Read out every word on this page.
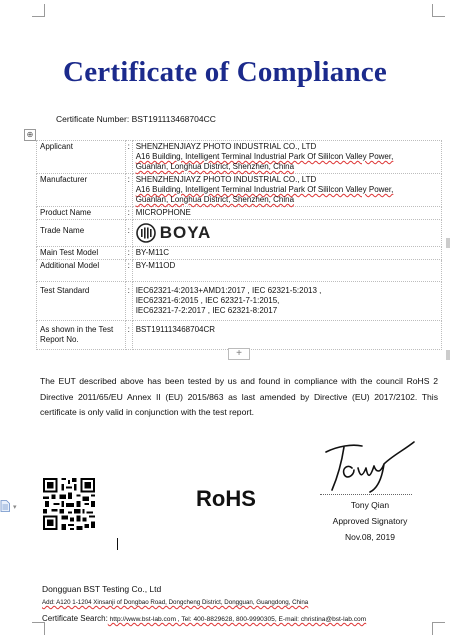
Certificate of Compliance
Certificate Number: BST191113468704CC
⊕
Applicant	:	SHENZHENJIAYZ PHOTO INDUSTRIAL CO., LTD
A16 Building, Intelligent Terminal Industrial Park Of Sililcon Valley Power,
Guanlan, Longhua District, Shenzhen, China

Manufacturer	:	SHENZHENJIAYZ PHOTO INDUSTRIAL CO., LTD
A16 Building, Intelligent Terminal Industrial Park Of Sililcon Valley Power,
Guanlan, Longhua District, Shenzhen, China

Product Name	:	MICROPHONE
Trade Name	:	BOYA

Main Test Model	:	BY-M11C
Additional Model	:	BY-M11OD
Test Standard	:	IEC62321-4:2013+AMD1:2017 , IEC 62321-5:2013 ,
IEC62321-6:2015 , IEC 62321-7-1:2015,
IEC62321-7-2:2017 , IEC 62321-8:2017

As shown in the Test Report No.	:	BST191113468704CR
+
The EUT described above has been tested by us and found in compliance with the council RoHS 2 Directive 2011/65/EU Annex II (EU) 2015/863 as last amended by Directive (EU) 2017/2102. This certificate is only valid in conjunction with the test report.
RoHS	Tony Qian
Approved Signatory
Nov.08, 2019
▾
Dongguan BST Testing Co., Ltd
Add: A120 1-1204 Xinsanji of Dongbao Road, Dongcheng District, Dongguan, Guangdong, China
Certificate Search: http://www.bst-lab.com , Tel: 400-8829628, 800-9990305, E-mail: christina@bst-lab.com
